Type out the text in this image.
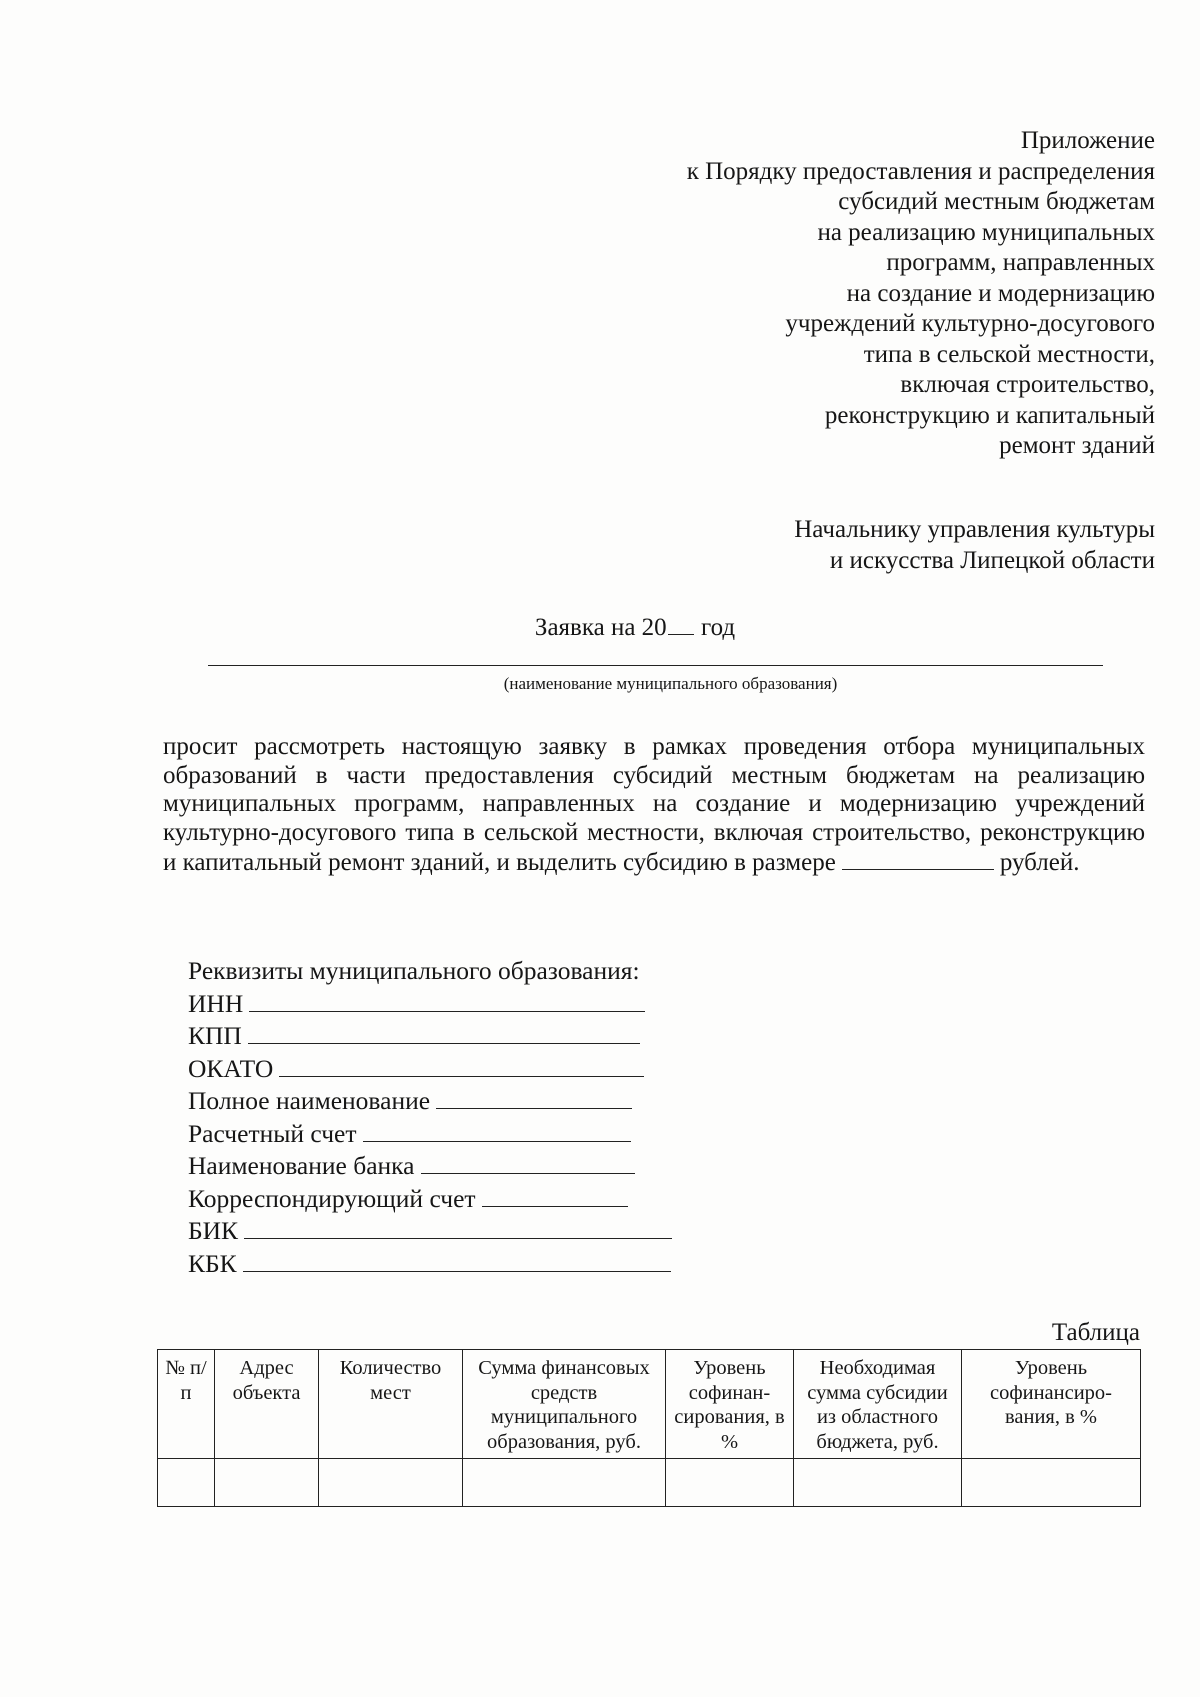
Приложение
к Порядку предоставления и распределения
субсидий местным бюджетам
на реализацию муниципальных
программ, направленных
на создание и модернизацию
учреждений культурно-досугового
типа в сельской местности,
включая строительство,
реконструкцию и капитальный
ремонт зданий
Начальнику управления культуры
и искусства Липецкой области
Заявка на 20 год
(наименование муниципального образования)
просит рассмотреть настоящую заявку в рамках проведения отбора муниципальных образований в части предоставления субсидий местным бюджетам на реализацию муниципальных программ, направленных на создание и модернизацию учреждений культурно-досугового типа в сельской местности, включая строительство, реконструкцию и капитальный ремонт зданий, и выделить субсидию в размере	рублей.
Реквизиты муниципального образования:
ИНН
КПП
ОКАТО
Полное наименование
Расчетный счет
Наименование банка
Корреспондирующий счет
БИК
КБК
Таблица
№ п/п	Адрес объекта	Количество мест	Сумма финансовых средств муниципального образования, руб.	Уровень софинан-сирования, в %	Необходимая сумма субсидии из областного бюджета, руб.	Уровень софинансиро-вания, в %
